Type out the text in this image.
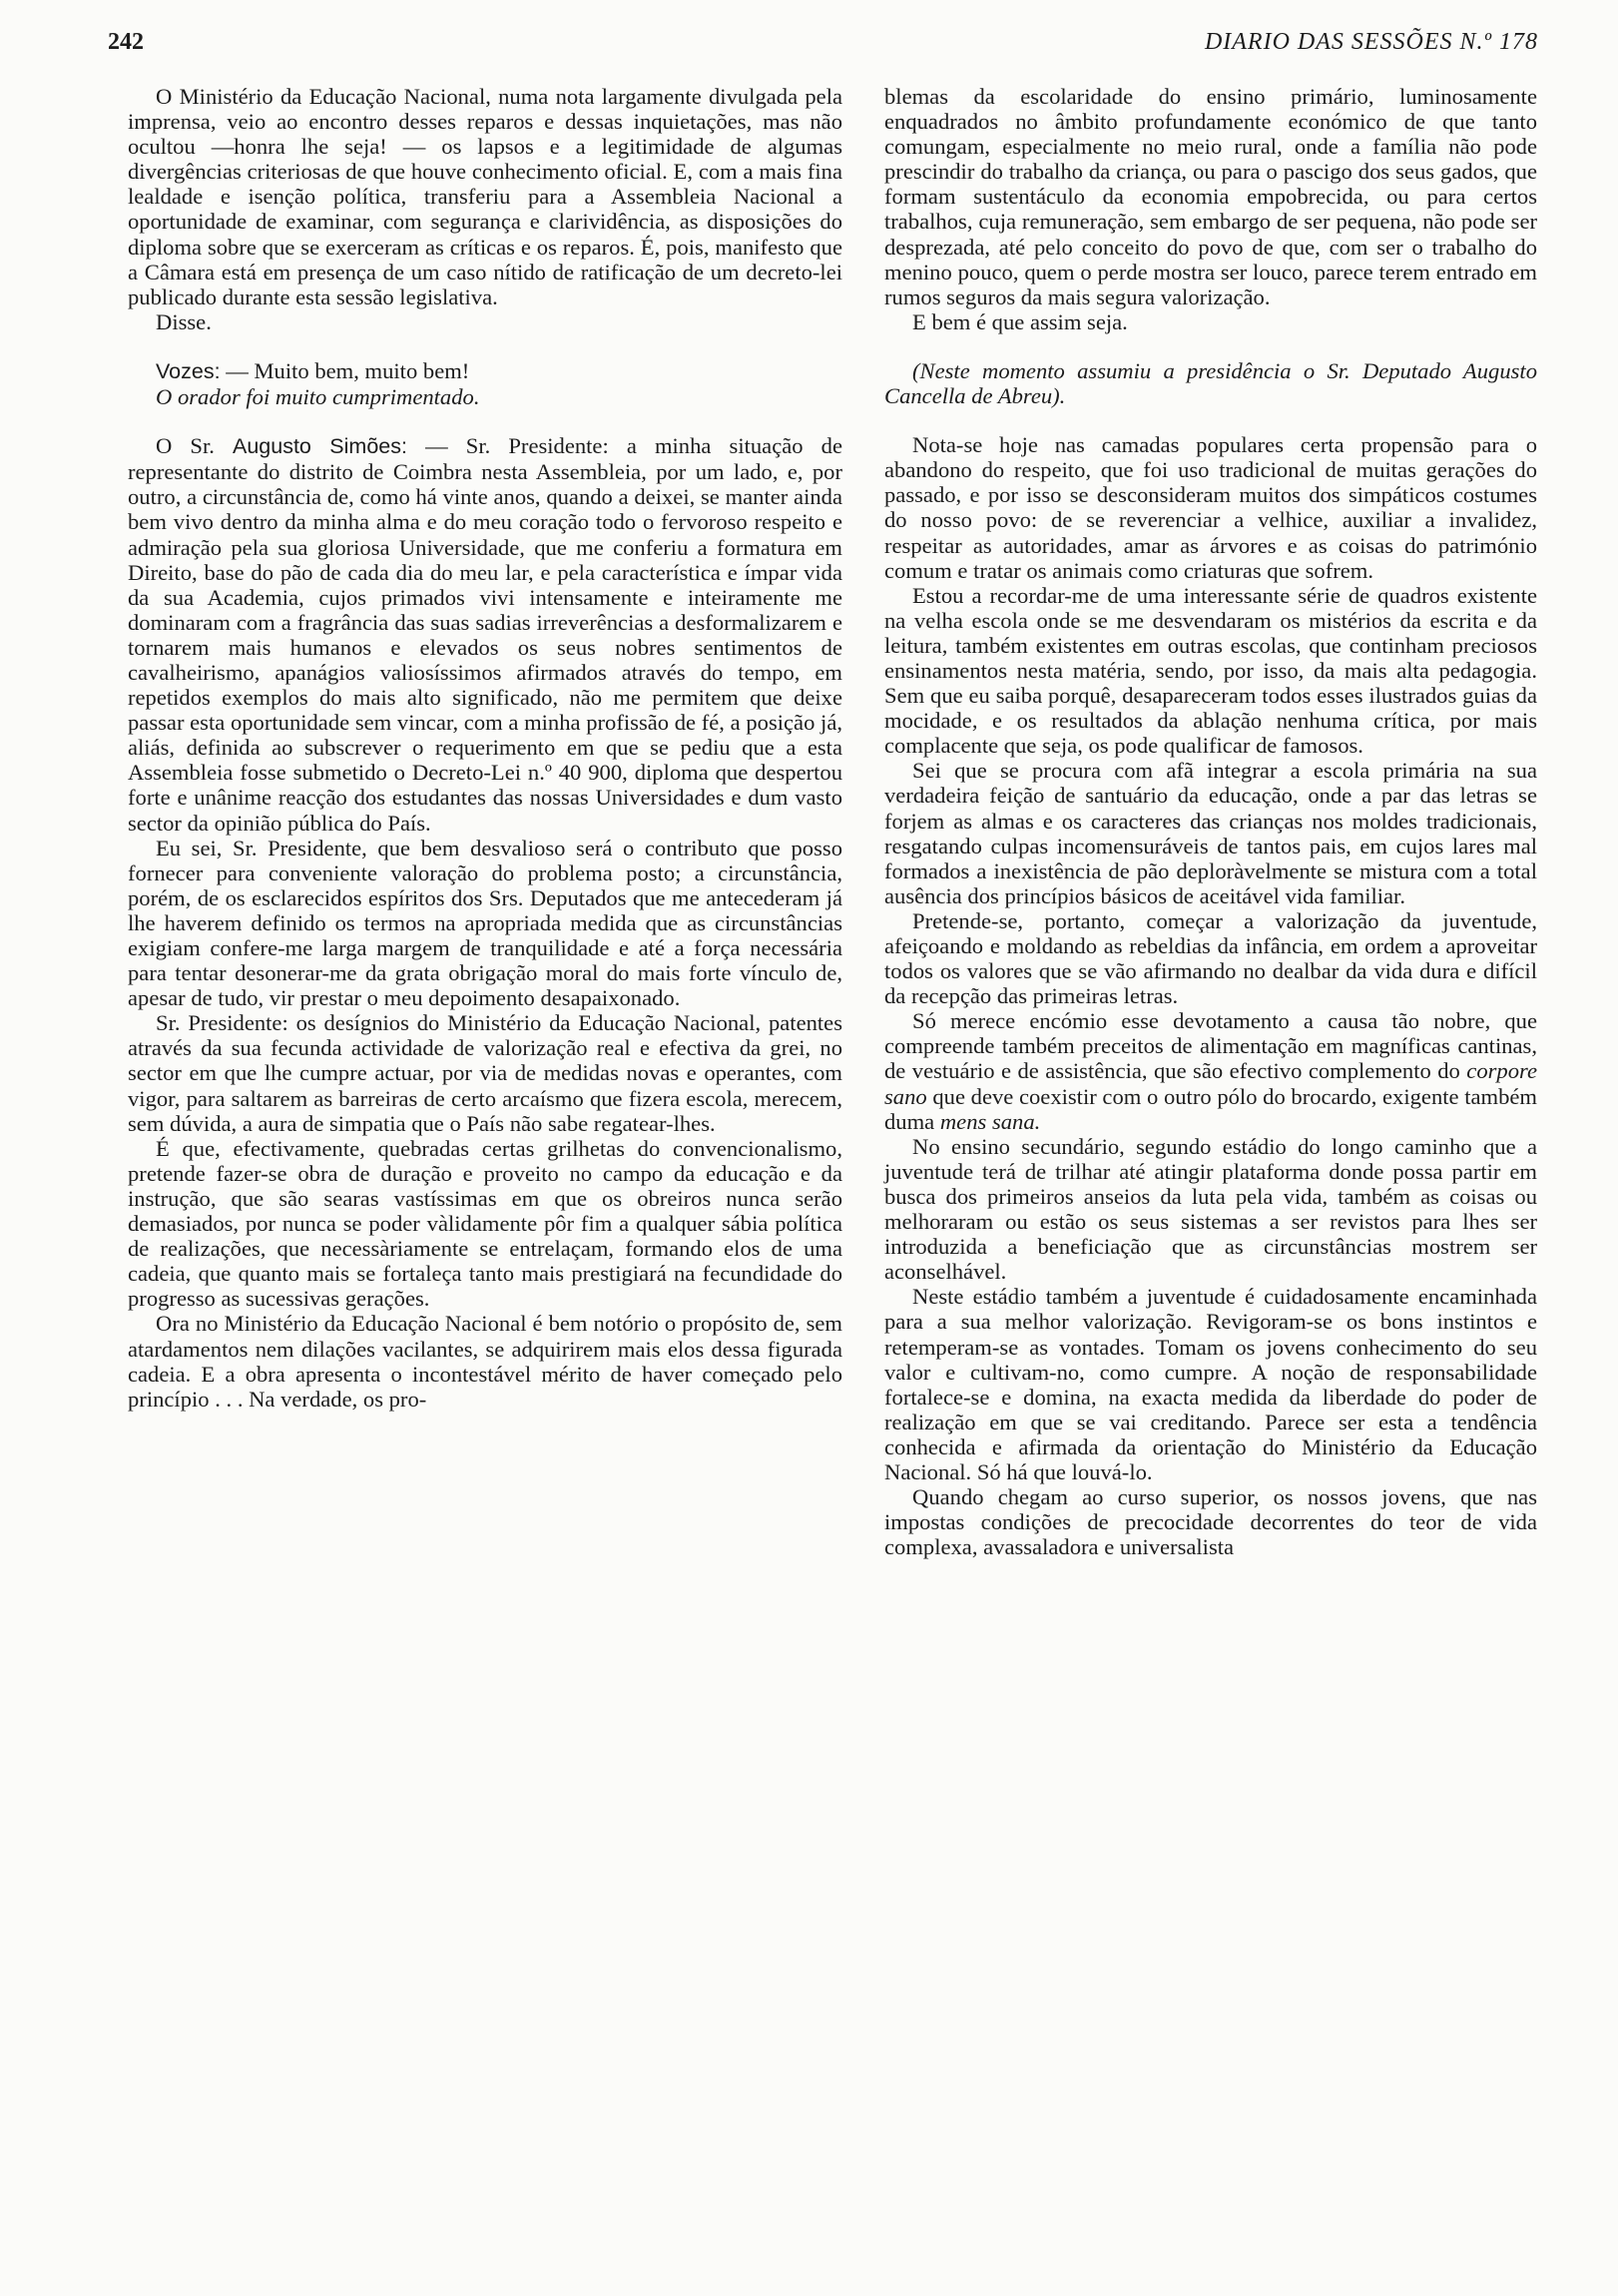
242	DIARIO DAS SESSÕES N.º 178

O Ministério da Educação Nacional, numa nota largamente divulgada pela imprensa, veio ao encontro desses reparos e dessas inquietações, mas não ocultou —honra lhe seja! — os lapsos e a legitimidade de algumas divergências criteriosas de que houve conhecimento oficial. E, com a mais fina lealdade e isenção política, transferiu para a Assembleia Nacional a oportunidade de examinar, com segurança e clarividência, as disposições do diploma sobre que se exerceram as críticas e os reparos. É, pois, manifesto que a Câmara está em presença de um caso nítido de ratificação de um decreto-lei publicado durante esta sessão legislativa.

Disse.

Vozes: — Muito bem, muito bem!

O orador foi muito cumprimentado.

O Sr. Augusto Simões: — Sr. Presidente: a minha situação de representante do distrito de Coimbra nesta Assembleia, por um lado, e, por outro, a circunstância de, como há vinte anos, quando a deixei, se manter ainda bem vivo dentro da minha alma e do meu coração todo o fervoroso respeito e admiração pela sua gloriosa Universidade, que me conferiu a formatura em Direito, base do pão de cada dia do meu lar, e pela característica e ímpar vida da sua Academia, cujos primados vivi intensamente e inteiramente me dominaram com a fragrância das suas sadias irreverências a desformalizarem e tornarem mais humanos e elevados os seus nobres sentimentos de cavalheirismo, apanágios valiosíssimos afirmados através do tempo, em repetidos exemplos do mais alto significado, não me permitem que deixe passar esta oportunidade sem vincar, com a minha profissão de fé, a posição já, aliás, definida ao subscrever o requerimento em que se pediu que a esta Assembleia fosse submetido o Decreto-Lei n.º 40 900, diploma que despertou forte e unânime reacção dos estudantes das nossas Universidades e dum vasto sector da opinião pública do País.

Eu sei, Sr. Presidente, que bem desvalioso será o contributo que posso fornecer para conveniente valoração do problema posto; a circunstância, porém, de os esclarecidos espíritos dos Srs. Deputados que me antecederam já lhe haverem definido os termos na apropriada medida que as circunstâncias exigiam confere-me larga margem de tranquilidade e até a força necessária para tentar desonerar-me da grata obrigação moral do mais forte vínculo de, apesar de tudo, vir prestar o meu depoimento desapaixonado.

Sr. Presidente: os desígnios do Ministério da Educação Nacional, patentes através da sua fecunda actividade de valorização real e efectiva da grei, no sector em que lhe cumpre actuar, por via de medidas novas e operantes, com vigor, para saltarem as barreiras de certo arcaísmo que fizera escola, merecem, sem dúvida, a aura de simpatia que o País não sabe regatear-lhes.

É que, efectivamente, quebradas certas grilhetas do convencionalismo, pretende fazer-se obra de duração e proveito no campo da educação e da instrução, que são searas vastíssimas em que os obreiros nunca serão demasiados, por nunca se poder vàlidamente pôr fim a qualquer sábia política de realizações, que necessàriamente se entrelaçam, formando elos de uma cadeia, que quanto mais se fortaleça tanto mais prestigiará na fecundidade do progresso as sucessivas gerações.

Ora no Ministério da Educação Nacional é bem notório o propósito de, sem atardamentos nem dilações vacilantes, se adquirirem mais elos dessa figurada cadeia. E a obra apresenta o incontestável mérito de haver começado pelo princípio . . . Na verdade, os pro-

blemas da escolaridade do ensino primário, luminosamente enquadrados no âmbito profundamente económico de que tanto comungam, especialmente no meio rural, onde a família não pode prescindir do trabalho da criança, ou para o pascigo dos seus gados, que formam sustentáculo da economia empobrecida, ou para certos trabalhos, cuja remuneração, sem embargo de ser pequena, não pode ser desprezada, até pelo conceito do povo de que, com ser o trabalho do menino pouco, quem o perde mostra ser louco, parece terem entrado em rumos seguros da mais segura valorização.

E bem é que assim seja.

(Neste momento assumiu a presidência o Sr. Deputado Augusto Cancella de Abreu).

Nota-se hoje nas camadas populares certa propensão para o abandono do respeito, que foi uso tradicional de muitas gerações do passado, e por isso se desconsideram muitos dos simpáticos costumes do nosso povo: de se reverenciar a velhice, auxiliar a invalidez, respeitar as autoridades, amar as árvores e as coisas do património comum e tratar os animais como criaturas que sofrem.

Estou a recordar-me de uma interessante série de quadros existente na velha escola onde se me desvendaram os mistérios da escrita e da leitura, também existentes em outras escolas, que continham preciosos ensinamentos nesta matéria, sendo, por isso, da mais alta pedagogia. Sem que eu saiba porquê, desapareceram todos esses ilustrados guias da mocidade, e os resultados da ablação nenhuma crítica, por mais complacente que seja, os pode qualificar de famosos.

Sei que se procura com afã integrar a escola primária na sua verdadeira feição de santuário da educação, onde a par das letras se forjem as almas e os caracteres das crianças nos moldes tradicionais, resgatando culpas incomensuráveis de tantos pais, em cujos lares mal formados a inexistência de pão deploràvelmente se mistura com a total ausência dos princípios básicos de aceitável vida familiar.

Pretende-se, portanto, começar a valorização da juventude, afeiçoando e moldando as rebeldias da infância, em ordem a aproveitar todos os valores que se vão afirmando no dealbar da vida dura e difícil da recepção das primeiras letras.

Só merece encómio esse devotamento a causa tão nobre, que compreende também preceitos de alimentação em magníficas cantinas, de vestuário e de assistência, que são efectivo complemento do corpore sano que deve coexistir com o outro pólo do brocardo, exigente também duma mens sana.

No ensino secundário, segundo estádio do longo caminho que a juventude terá de trilhar até atingir plataforma donde possa partir em busca dos primeiros anseios da luta pela vida, também as coisas ou melhoraram ou estão os seus sistemas a ser revistos para lhes ser introduzida a beneficiação que as circunstâncias mostrem ser aconselhável.

Neste estádio também a juventude é cuidadosamente encaminhada para a sua melhor valorização. Revigoram-se os bons instintos e retemperam-se as vontades. Tomam os jovens conhecimento do seu valor e cultivam-no, como cumpre. A noção de responsabilidade fortalece-se e domina, na exacta medida da liberdade do poder de realização em que se vai creditando. Parece ser esta a tendência conhecida e afirmada da orientação do Ministério da Educação Nacional. Só há que louvá-lo.

Quando chegam ao curso superior, os nossos jovens, que nas impostas condições de precocidade decorrentes do teor de vida complexa, avassaladora e universalista
